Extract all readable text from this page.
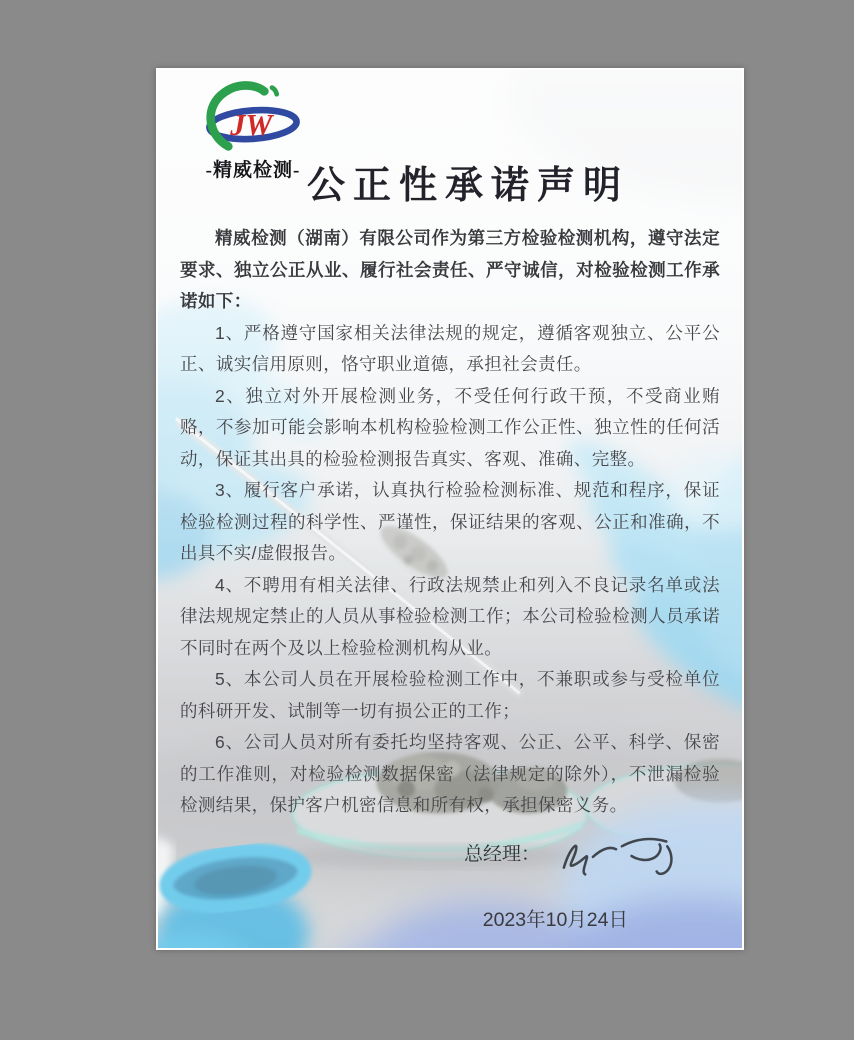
JW
-精威检测- 公正性承诺声明

精威检测（湖南）有限公司作为第三方检验检测机构，遵守法定要求、独立公正从业、履行社会责任、严守诚信，对检验检测工作承诺如下：

1、严格遵守国家相关法律法规的规定，遵循客观独立、公平公正、诚实信用原则，恪守职业道德，承担社会责任。

2、独立对外开展检测业务，不受任何行政干预，不受商业贿赂，不参加可能会影响本机构检验检测工作公正性、独立性的任何活动，保证其出具的检验检测报告真实、客观、准确、完整。

3、履行客户承诺，认真执行检验检测标准、规范和程序，保证检验检测过程的科学性、严谨性，保证结果的客观、公正和准确，不出具不实/虚假报告。

4、不聘用有相关法律、行政法规禁止和列入不良记录名单或法律法规规定禁止的人员从事检验检测工作；本公司检验检测人员承诺不同时在两个及以上检验检测机构从业。

5、本公司人员在开展检验检测工作中，不兼职或参与受检单位的科研开发、试制等一切有损公正的工作；

6、公司人员对所有委托均坚持客观、公正、公平、科学、保密的工作准则，对检验检测数据保密（法律规定的除外），不泄漏检验检测结果，保护客户机密信息和所有权，承担保密义务。

总经理：
2023年10月24日
